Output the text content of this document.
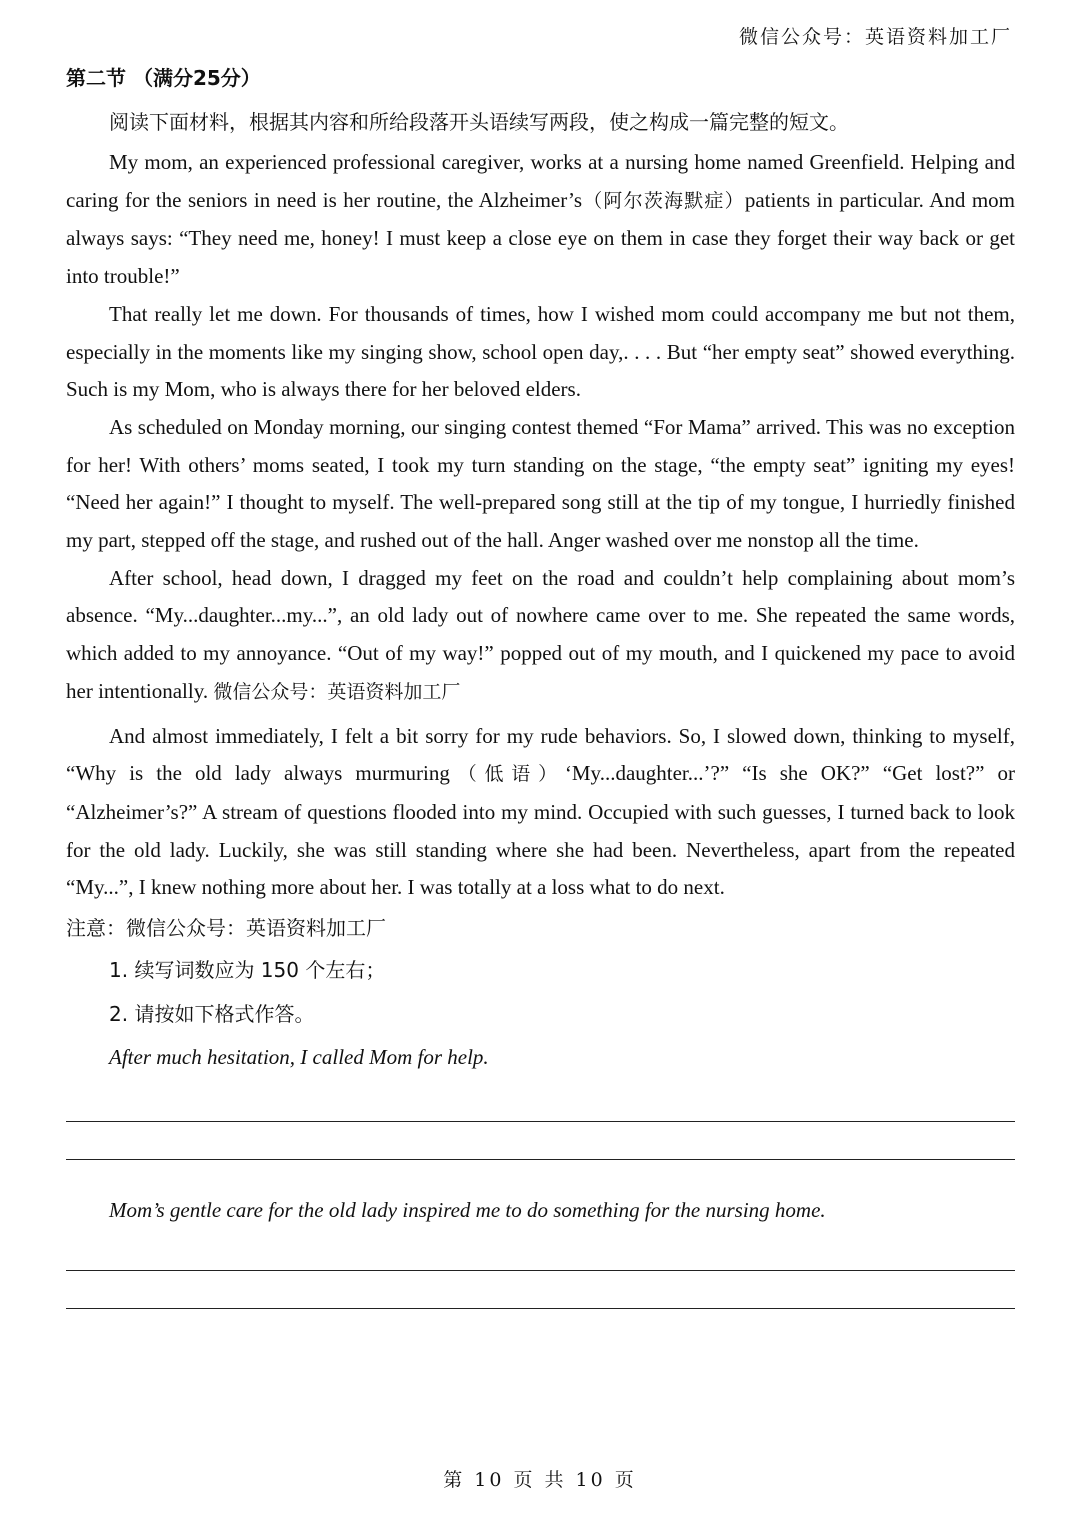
微信公众号：英语资料加工厂
第二节 （满分25分）
阅读下面材料，根据其内容和所给段落开头语续写两段，使之构成一篇完整的短文。

My mom, an experienced professional caregiver, works at a nursing home named Greenfield. Helping and caring for the seniors in need is her routine, the Alzheimer’s（阿尔茨海默症）patients in particular. And mom always says: “They need me, honey! I must keep a close eye on them in case they forget their way back or get into trouble!”

That really let me down. For thousands of times, how I wished mom could accompany me but not them, especially in the moments like my singing show, school open day,. . . . But “her empty seat” showed everything. Such is my Mom, who is always there for her beloved elders.

As scheduled on Monday morning, our singing contest themed “For Mama” arrived. This was no exception for her! With others’ moms seated, I took my turn standing on the stage, “the empty seat” igniting my eyes! “Need her again!” I thought to myself. The well-prepared song still at the tip of my tongue, I hurriedly finished my part, stepped off the stage, and rushed out of the hall. Anger washed over me nonstop all the time.

After school, head down, I dragged my feet on the road and couldn’t help complaining about mom’s absence. “My...daughter...my...”, an old lady out of nowhere came over to me. She repeated the same words, which added to my annoyance. “Out of my way!” popped out of my mouth, and I quickened my pace to avoid her intentionally. 微信公众号：英语资料加工厂

And almost immediately, I felt a bit sorry for my rude behaviors. So, I slowed down, thinking to myself, “Why is the old lady always murmuring（低语）‘My...daughter...’?” “Is she OK?” “Get lost?” or “Alzheimer’s?” A stream of questions flooded into my mind. Occupied with such guesses, I turned back to look for the old lady. Luckily, she was still standing where she had been. Nevertheless, apart from the repeated “My...”, I knew nothing more about her. I was totally at a loss what to do next.

注意：微信公众号：英语资料加工厂
1. 续写词数应为 150 个左右；
2. 请按如下格式作答。
After much hesitation, I called Mom for help.
Mom’s gentle care for the old lady inspired me to do something for the nursing home.
第 10 页 共 10 页
